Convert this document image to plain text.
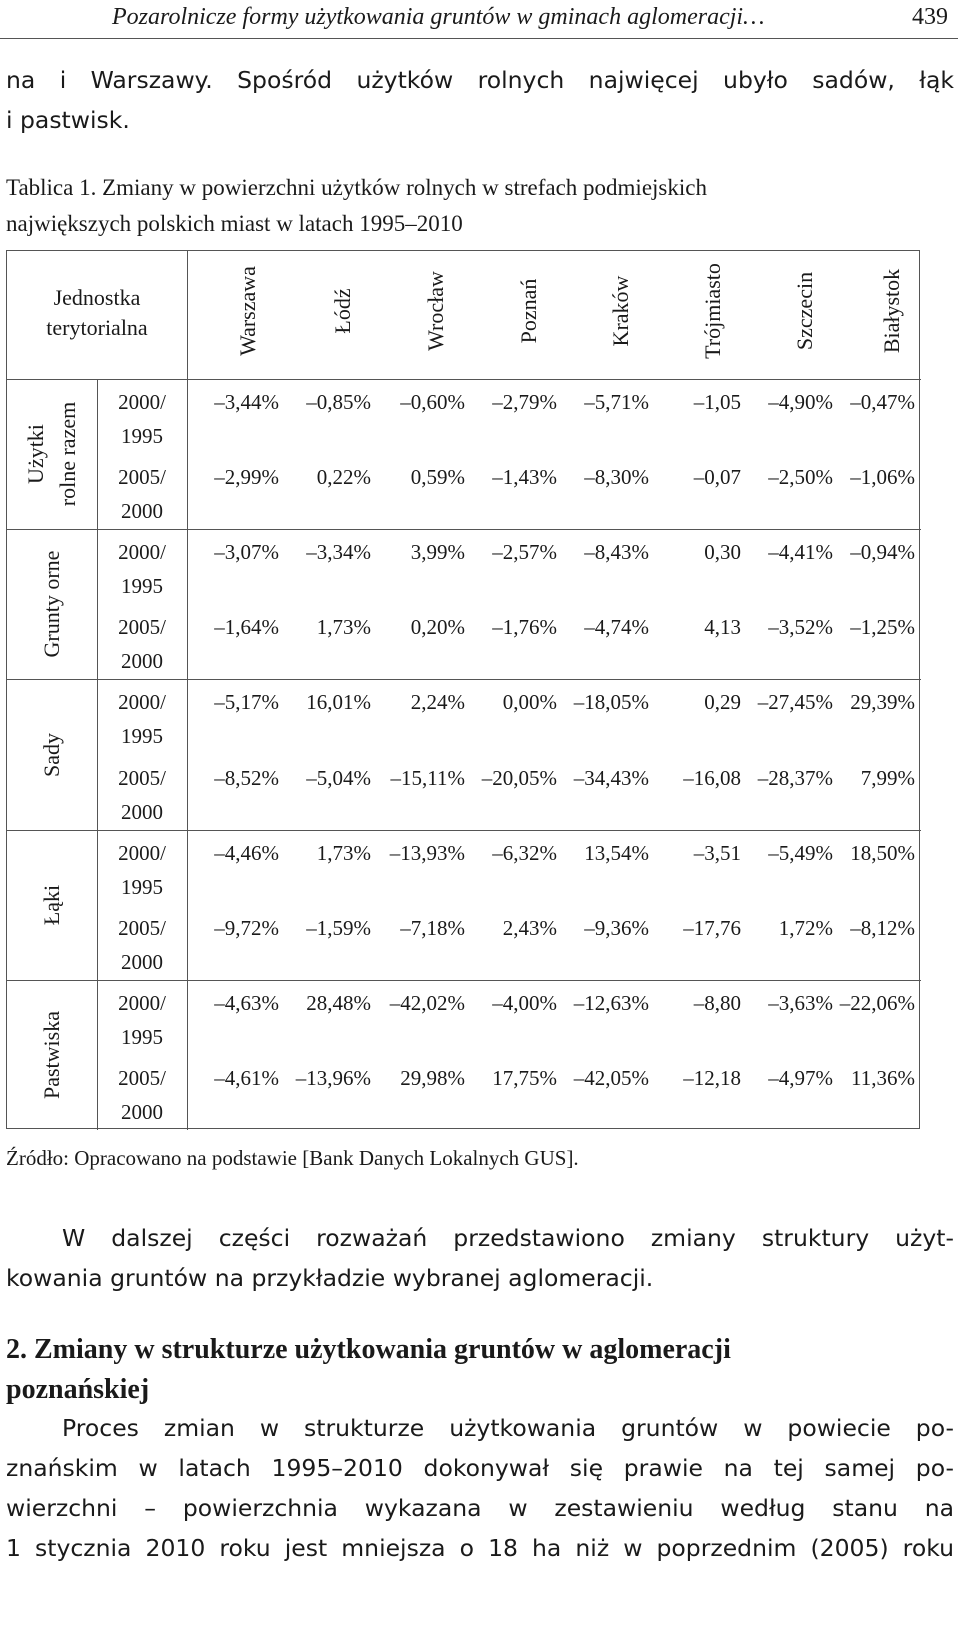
Pozarolnicze formy użytkowania gruntów w gminach aglomeracji…	439
na i Warszawy. Spośród użytków rolnych najwięcej ubyło sadów, łąk
i pastwisk.
Tablica 1. Zmiany w powierzchni użytków rolnych w strefach podmiejskich
największych polskich miast w latach 1995–2010
Jednostka
terytorialna	Warszawa	Łódź	Wrocław	Poznań	Kraków	Trójmiasto	Szczecin	Białystok
Użytki rolne razem	2000/
1995
–3,44%	–0,85%	–0,60%	–2,79%	–5,71%	–1,05	–4,90% –0,47%
2005/
2000
–2,99%	0,22%	0,59%	–1,43%	–8,30%	–0,07	–2,50% –1,06%
Grunty orne	2000/
1995
–3,07%	–3,34%	3,99%	–2,57%	–8,43%	0,30	–4,41% –0,94%
2005/
2000
–1,64%	1,73%	0,20%	–1,76%	–4,74%	4,13	–3,52% –1,25%
Sady
2000/
1995
–5,17%	16,01%	2,24%	0,00% –18,05%	0,29 –27,45% 29,39%
2005/
2000
–8,52%	–5,04% –15,11% –20,05% –34,43%	–16,08 –28,37%	7,99%
Łąki
2000/
1995
–4,46%	1,73% –13,93%	–6,32%	13,54%	–3,51	–5,49% 18,50%
2005/
2000
–9,72%	–1,59%	–7,18%	2,43%	–9,36%	–17,76	1,72% –8,12%
Pastwiska
2000/
1995
–4,63%	28,48% –42,02%	–4,00% –12,63%	–8,80	–3,63% –22,06%
2005/
2000
–4,61% –13,96%	29,98%	17,75% –42,05%	–12,18	–4,97% 11,36%
Źródło: Opracowano na podstawie [Bank Danych Lokalnych GUS].
W dalszej części rozważań przedstawiono zmiany struktury użyt-
kowania gruntów na przykładzie wybranej aglomeracji.
2. Zmiany w strukturze użytkowania gruntów w aglomeracji
poznańskiej
Proces zmian w strukturze użytkowania gruntów w powiecie po-
znańskim w latach 1995–2010 dokonywał się prawie na tej samej po-
wierzchni – powierzchnia wykazana w zestawieniu według stanu na
1 stycznia 2010 roku jest mniejsza o 18 ha niż w poprzednim (2005) roku
